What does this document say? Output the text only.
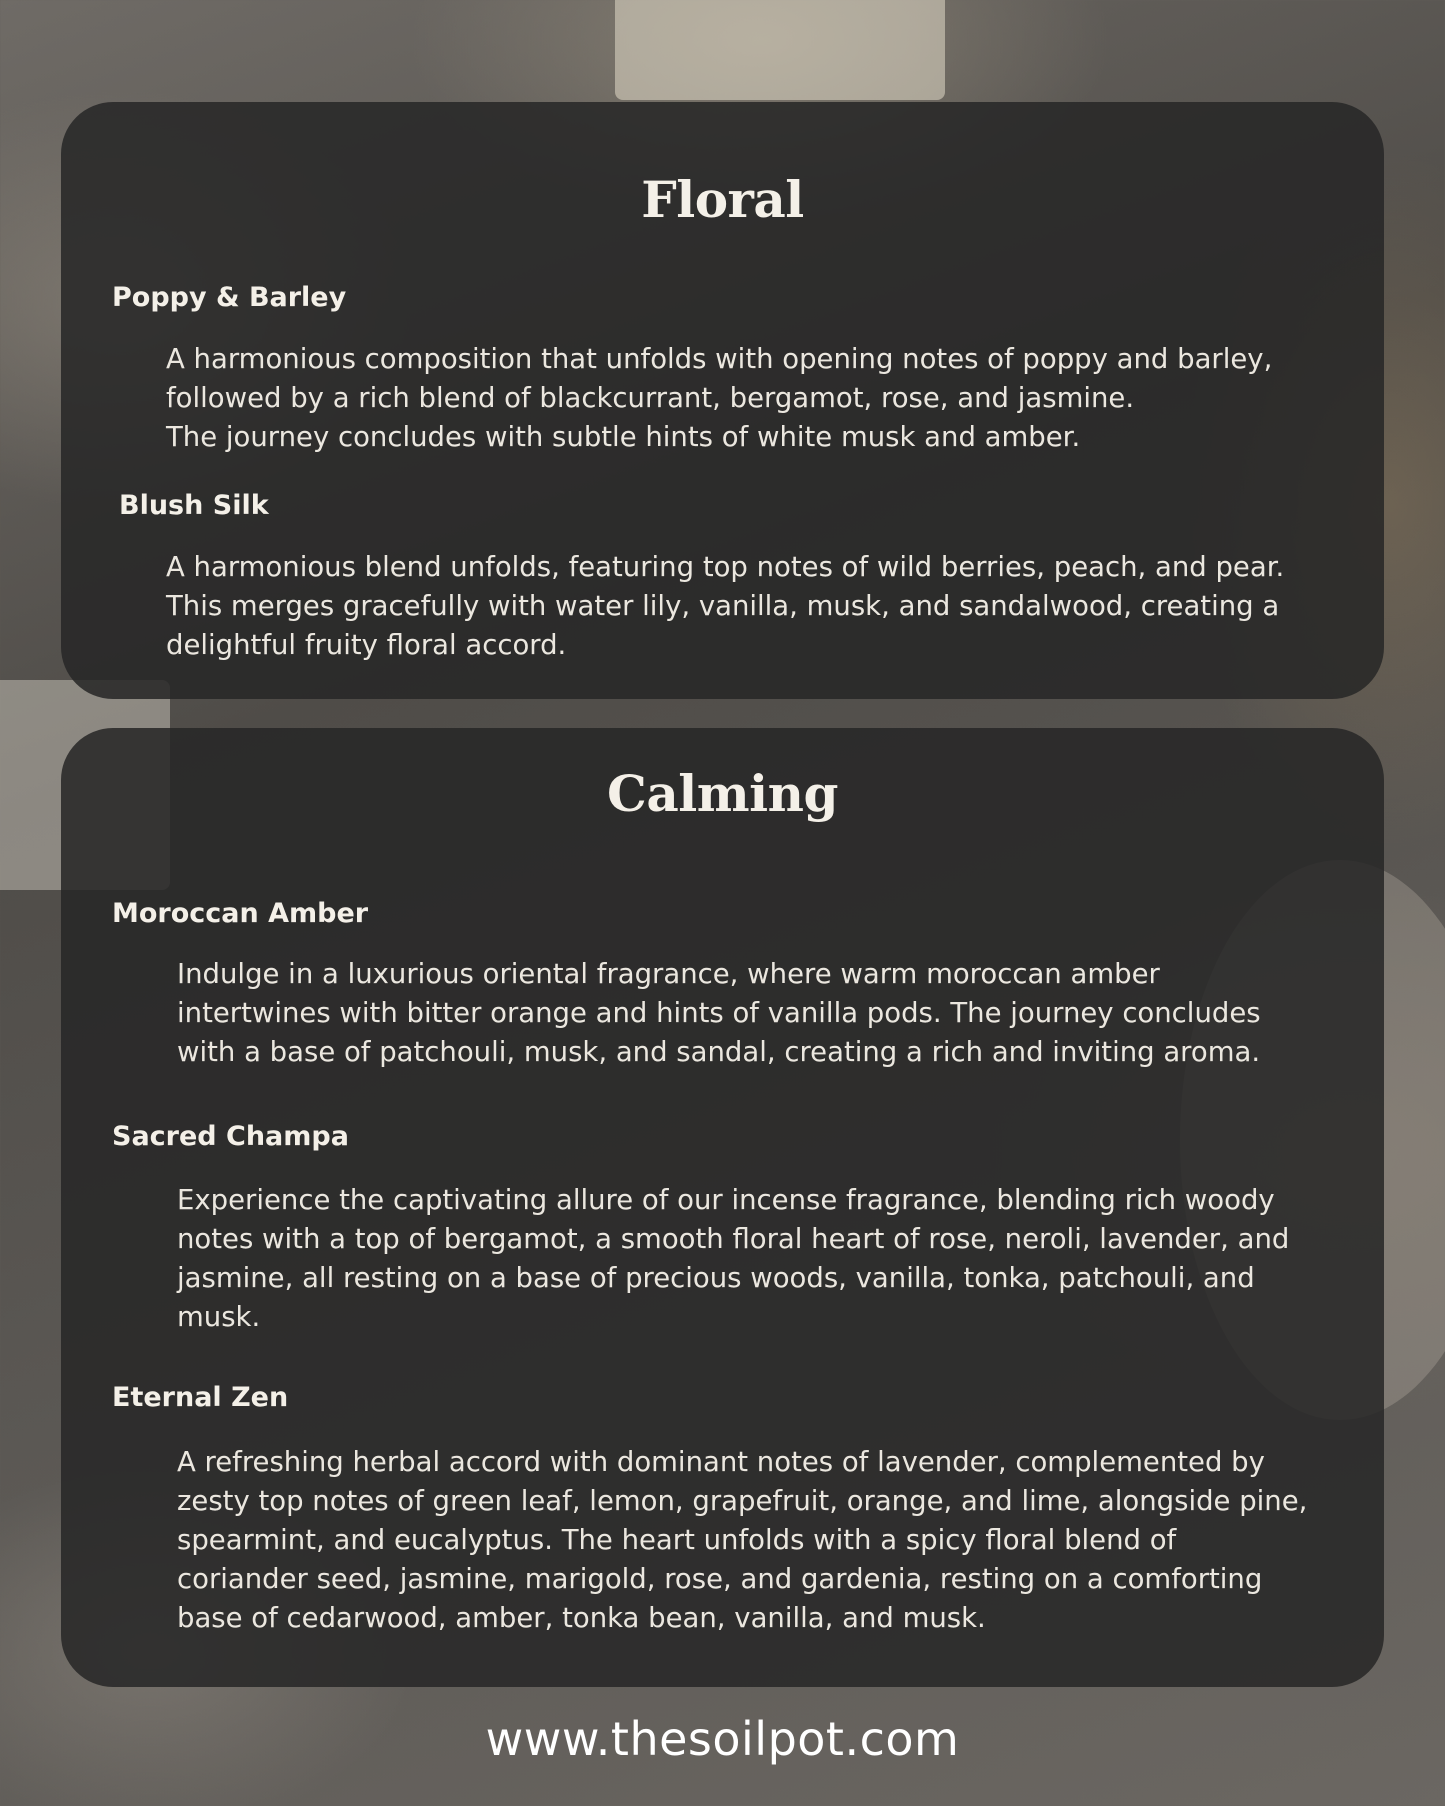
Floral
Poppy & Barley

A harmonious composition that unfolds with opening notes of poppy and barley,
followed by a rich blend of blackcurrant, bergamot, rose, and jasmine.
The journey concludes with subtle hints of white musk and amber.

Blush Silk

A harmonious blend unfolds, featuring top notes of wild berries, peach, and pear.
This merges gracefully with water lily, vanilla, musk, and sandalwood, creating a
delightful fruity floral accord.

Calming
Moroccan Amber

Indulge in a luxurious oriental fragrance, where warm moroccan amber
intertwines with bitter orange and hints of vanilla pods. The journey concludes
with a base of patchouli, musk, and sandal, creating a rich and inviting aroma.

Sacred Champa

Experience the captivating allure of our incense fragrance, blending rich woody
notes with a top of bergamot, a smooth floral heart of rose, neroli, lavender, and
jasmine, all resting on a base of precious woods, vanilla, tonka, patchouli, and
musk.

Eternal Zen

A refreshing herbal accord with dominant notes of lavender, complemented by
zesty top notes of green leaf, lemon, grapefruit, orange, and lime, alongside pine,
spearmint, and eucalyptus. The heart unfolds with a spicy floral blend of
coriander seed, jasmine, marigold, rose, and gardenia, resting on a comforting
base of cedarwood, amber, tonka bean, vanilla, and musk.

www.thesoilpot.com
